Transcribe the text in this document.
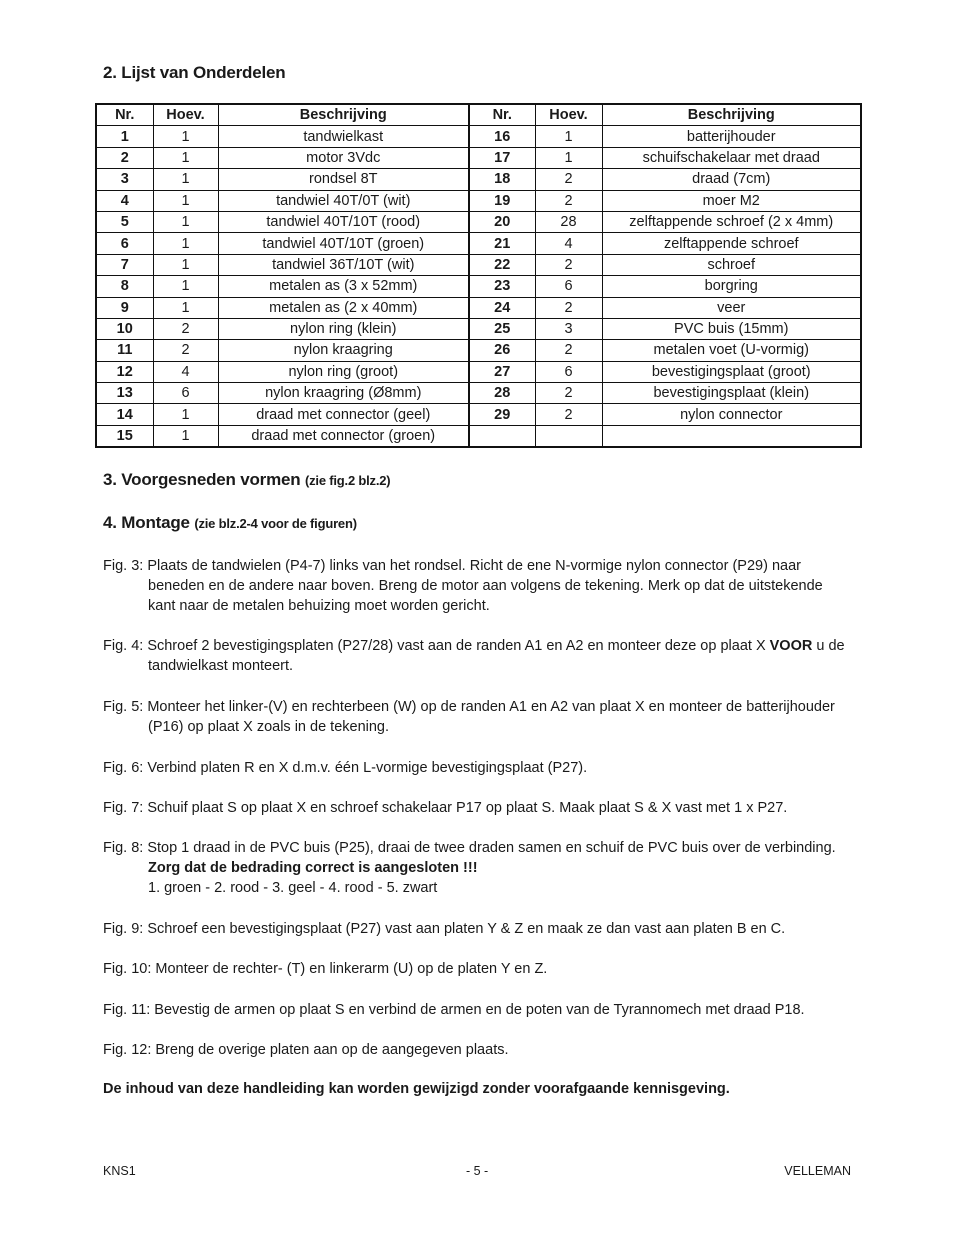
2. Lijst van Onderdelen
Nr.	Hoev.	Beschrijving	Nr.	Hoev.	Beschrijving
1	1	tandwielkast	16	1	batterijhouder
2	1	motor 3Vdc	17	1	schuifschakelaar met draad
3	1	rondsel 8T	18	2	draad (7cm)
4	1	tandwiel 40T/0T (wit)	19	2	moer M2
5	1	tandwiel 40T/10T (rood)	20	28	zelftappende schroef (2 x 4mm)
6	1	tandwiel 40T/10T (groen)	21	4	zelftappende schroef
7	1	tandwiel 36T/10T (wit)	22	2	schroef
8	1	metalen as (3 x 52mm)	23	6	borgring
9	1	metalen as (2 x 40mm)	24	2	veer
10	2	nylon ring (klein)	25	3	PVC buis (15mm)
11	2	nylon kraagring	26	2	metalen voet (U-vormig)
12	4	nylon ring (groot)	27	6	bevestigingsplaat (groot)
13	6	nylon kraagring (Ø8mm)	28	2	bevestigingsplaat (klein)
14	1	draad met connector (geel)	29	2	nylon connector
15	1	draad met connector (groen)			
3. Voorgesneden vormen (zie fig.2 blz.2)
4. Montage (zie blz.2-4 voor de figuren)
Fig. 3: Plaats de tandwielen (P4-7) links van het rondsel. Richt de ene N-vormige nylon connector (P29) naar
beneden en de andere naar boven. Breng de motor aan volgens de tekening. Merk op dat de uitstekende
kant naar de metalen behuizing moet worden gericht.
Fig. 4: Schroef 2 bevestigingsplaten (P27/28) vast aan de randen A1 en A2 en monteer deze op plaat X VOOR u de
tandwielkast monteert.
Fig. 5: Monteer het linker-(V) en rechterbeen (W) op de randen A1 en A2 van plaat X en monteer de batterijhouder
(P16) op plaat X zoals in de tekening.
Fig. 6: Verbind platen R en X d.m.v. één L-vormige bevestigingsplaat (P27).
Fig. 7: Schuif plaat S op plaat X en schroef schakelaar P17 op plaat S. Maak plaat S & X vast met 1 x P27.
Fig. 8: Stop 1 draad in de PVC buis (P25), draai de twee draden samen en schuif de PVC buis over de verbinding.
Zorg dat de bedrading correct is aangesloten !!!
1. groen - 2. rood - 3. geel - 4. rood - 5. zwart
Fig. 9: Schroef een bevestigingsplaat (P27) vast aan platen Y & Z en maak ze dan vast aan platen B en C.
Fig. 10: Monteer de rechter- (T) en linkerarm (U) op de platen Y en Z.
Fig. 11: Bevestig de armen op plaat S en verbind de armen en de poten van de Tyrannomech met draad P18.
Fig. 12: Breng de overige platen aan op de aangegeven plaats.
De inhoud van deze handleiding kan worden gewijzigd zonder voorafgaande kennisgeving.
KNS1	- 5 -	VELLEMAN
